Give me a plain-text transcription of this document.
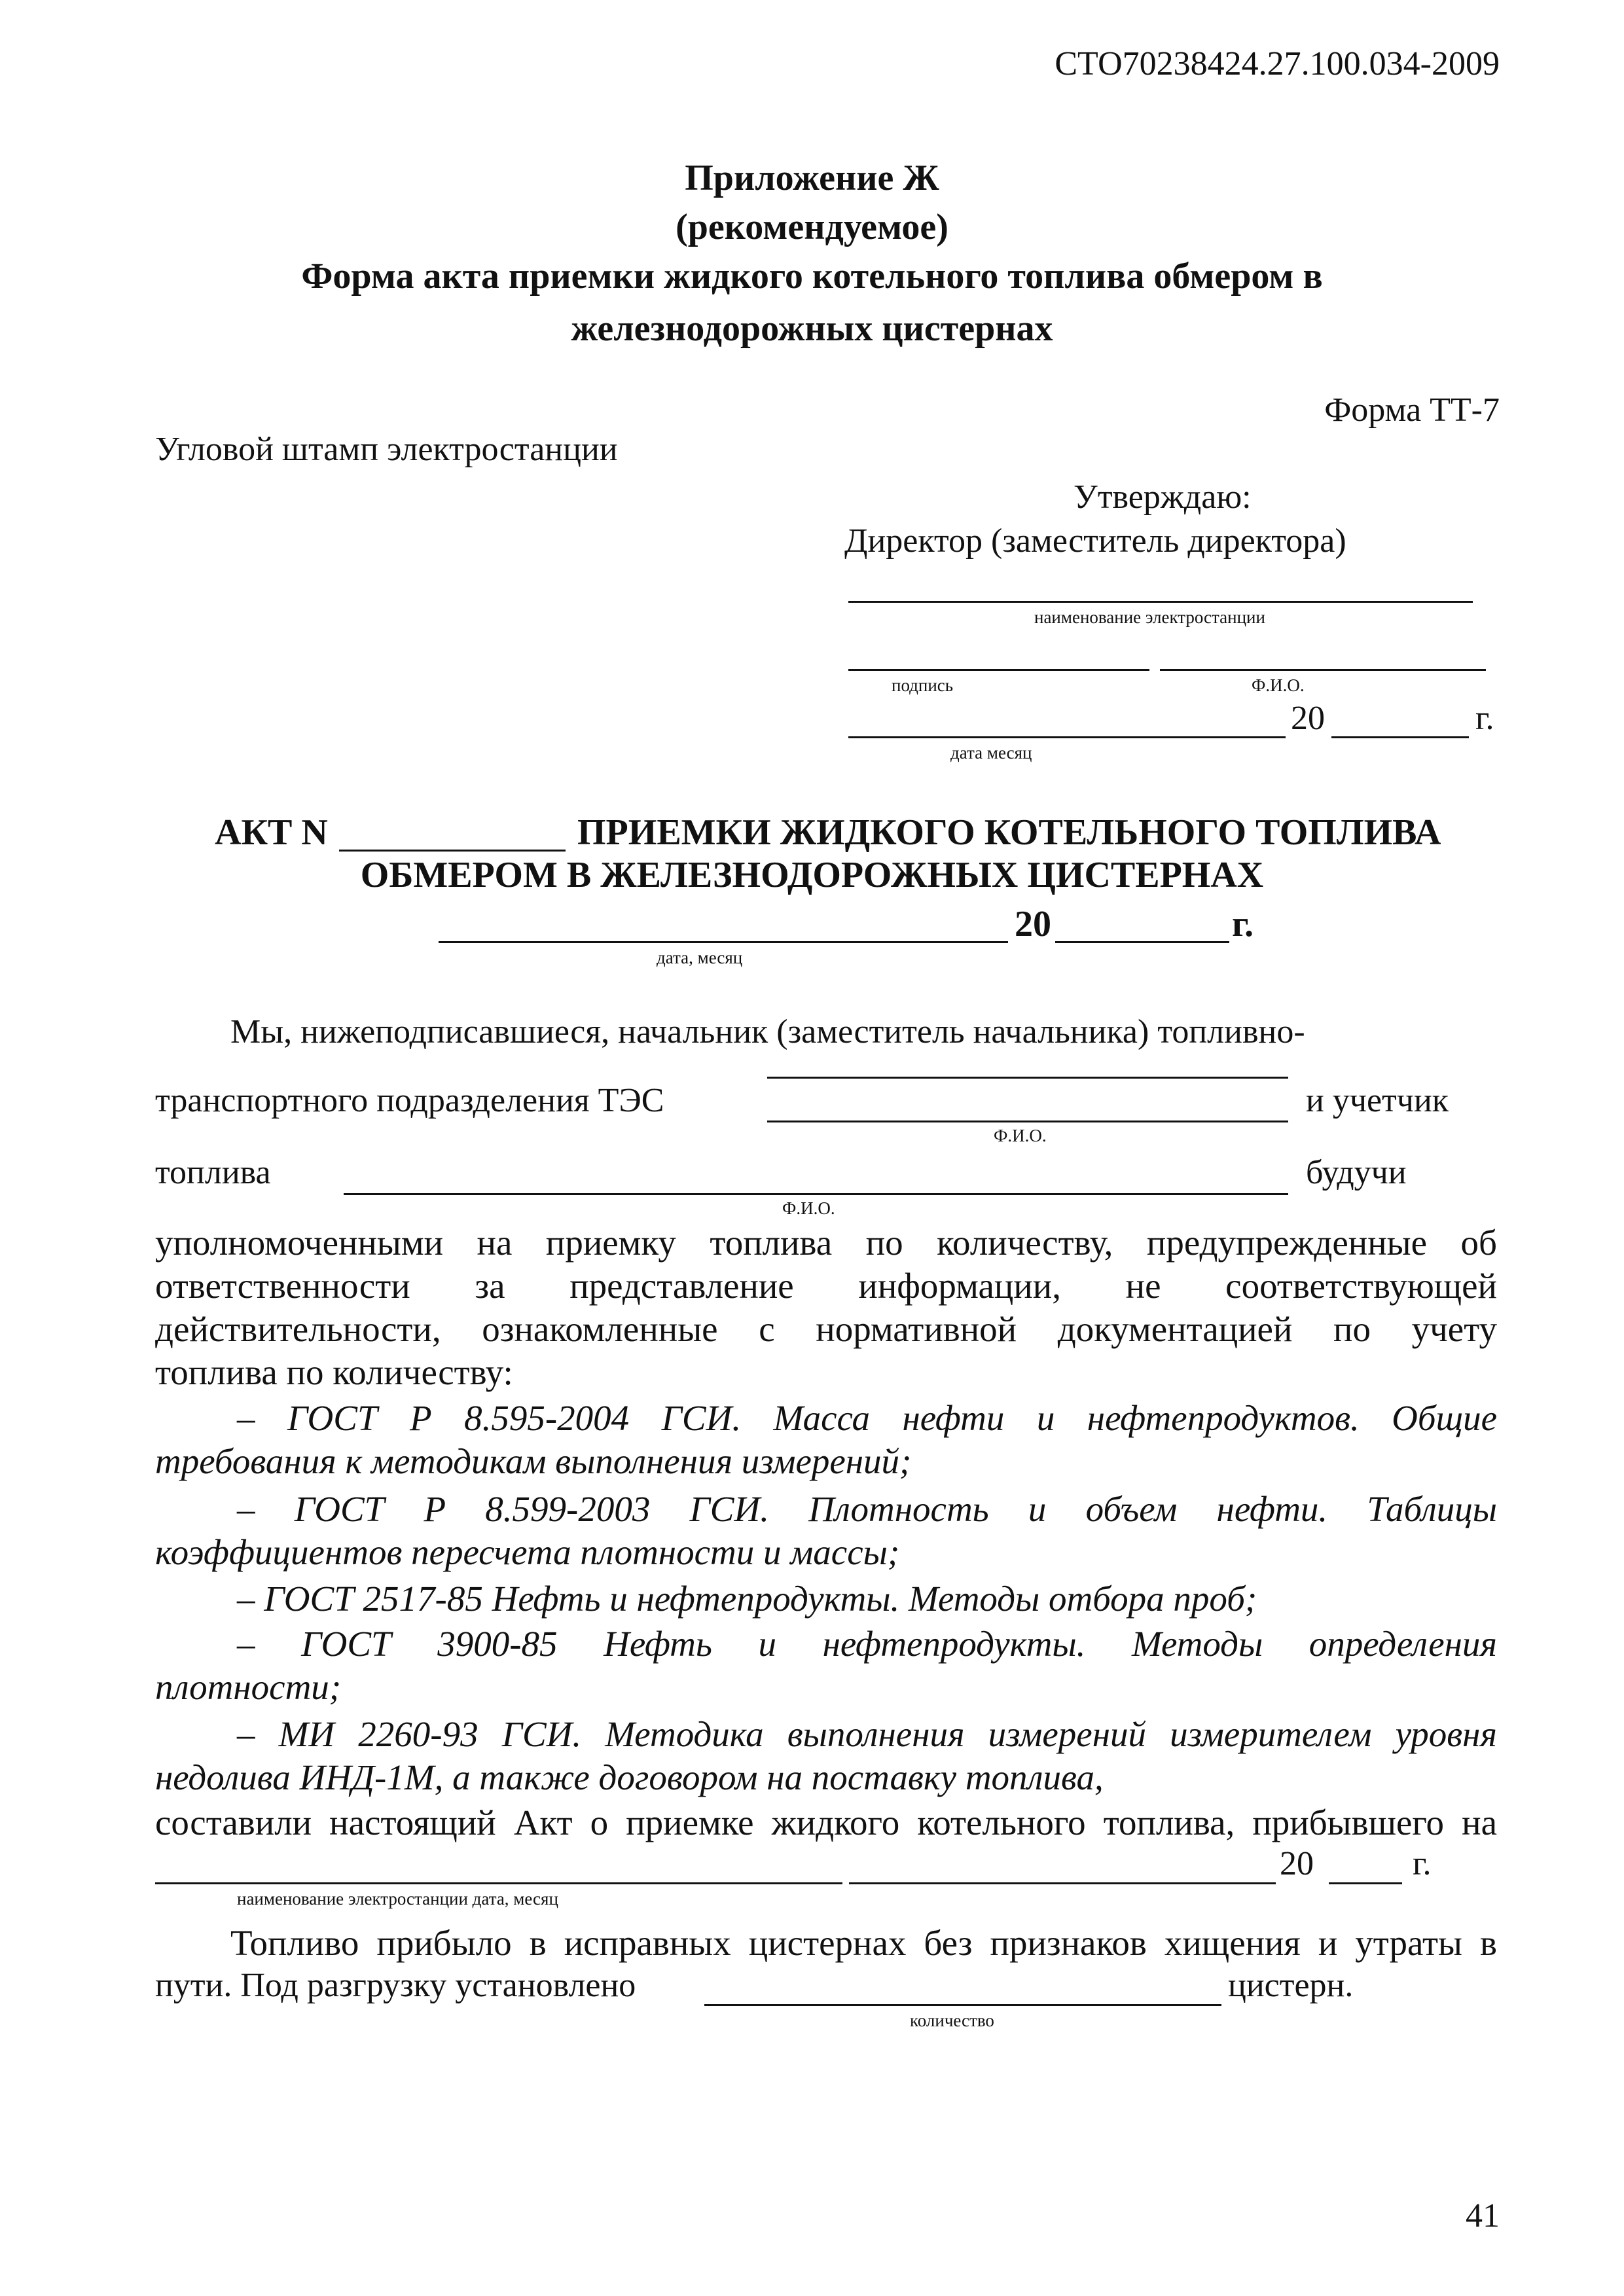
СТО70238424.27.100.034-2009
Приложение Ж
(рекомендуемое)
Форма акта приемки жидкого котельного топлива обмером в
железнодорожных цистернах
Форма ТТ-7
Угловой штамп электростанции
Утверждаю:
Директор (заместитель директора)
наименование электростанции
подпись	Ф.И.О.
20	г.
дата месяц
АКТ N	ПРИЕМКИ ЖИДКОГО КОТЕЛЬНОГО ТОПЛИВА
ОБМЕРОМ В ЖЕЛЕЗНОДОРОЖНЫХ ЦИСТЕРНАХ
20	г.
дата, месяц
Мы, нижеподписавшиеся, начальник (заместитель начальника) топливно-
транспортного подразделения ТЭС	и учетчик
Ф.И.О.
топлива	будучи
Ф.И.О.
уполномоченными на приемку топлива по количеству, предупрежденные об
ответственности за представление информации, не соответствующей
действительности, ознакомленные с нормативной документацией по учету
топлива по количеству:
– ГОСТ Р 8.595-2004 ГСИ. Масса нефти и нефтепродуктов. Общие
требования к методикам выполнения измерений;
– ГОСТ Р 8.599-2003 ГСИ. Плотность и объем нефти. Таблицы
коэффициентов пересчета плотности и массы;
– ГОСТ 2517-85 Нефть и нефтепродукты. Методы отбора проб;
– ГОСТ 3900-85 Нефть и нефтепродукты. Методы определения
плотности;
– МИ 2260-93 ГСИ. Методика выполнения измерений измерителем уровня
недолива ИНД-1М, а также договором на поставку топлива,
составили настоящий Акт о приемке жидкого котельного топлива, прибывшего на
20	г.
наименование электростанции дата, месяц
Топливо прибыло в исправных цистернах без признаков хищения и утраты в
пути. Под разгрузку установлено	цистерн.
количество
41
